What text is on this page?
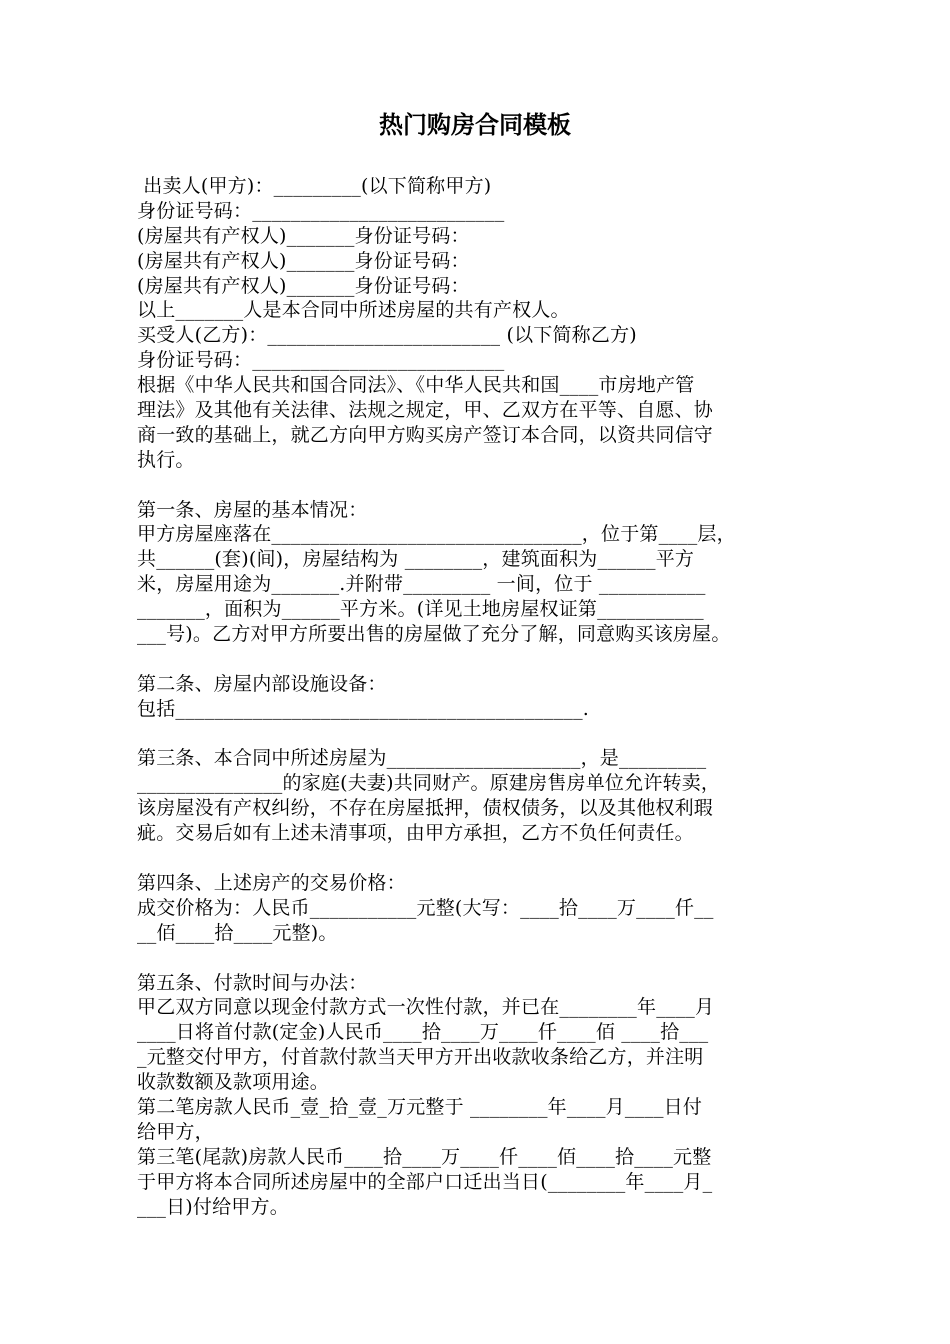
热门购房合同模板
出卖人(甲方)：_________(以下简称甲方)
身份证号码：__________________________
(房屋共有产权人)_______身份证号码：
(房屋共有产权人)_______身份证号码：
(房屋共有产权人)_______身份证号码：
以上_______人是本合同中所述房屋的共有产权人。
买受人(乙方)：________________________ (以下简称乙方)
身份证号码：__________________________
根据《中华人民共和国合同法》、《中华人民共和国____市房地产管
理法》及其他有关法律、法规之规定，甲、乙双方在平等、自愿、协
商一致的基础上，就乙方向甲方购买房产签订本合同，以资共同信守
执行。
第一条、房屋的基本情况：
甲方房屋座落在________________________________，位于第____层，
共______(套)(间)，房屋结构为 ________，建筑面积为______平方
米，房屋用途为_______.并附带_________ 一间，位于 ___________
_______，面积为______平方米。(详见土地房屋权证第___________
___号)。乙方对甲方所要出售的房屋做了充分了解，同意购买该房屋。
第二条、房屋内部设施设备：
包括__________________________________________.
第三条、本合同中所述房屋为____________________，是_________
_______________的家庭(夫妻)共同财产。原建房售房单位允许转卖，
该房屋没有产权纠纷，不存在房屋抵押，债权债务，以及其他权利瑕
疵。交易后如有上述未清事项，由甲方承担，乙方不负任何责任。
第四条、上述房产的交易价格：
成交价格为：人民币___________元整(大写：____拾____万____仟__
__佰____拾____元整)。
第五条、付款时间与办法：
甲乙双方同意以现金付款方式一次性付款，并已在________年____月
____日将首付款(定金)人民币____拾____万____仟____佰 ____拾___
_元整交付甲方，付首款付款当天甲方开出收款收条给乙方，并注明
收款数额及款项用途。
第二笔房款人民币_壹_拾_壹_万元整于 ________年____月____日付
给甲方，
第三笔(尾款)房款人民币____拾____万____仟____佰____拾____元整
于甲方将本合同所述房屋中的全部户口迁出当日(________年____月_
___日)付给甲方。
